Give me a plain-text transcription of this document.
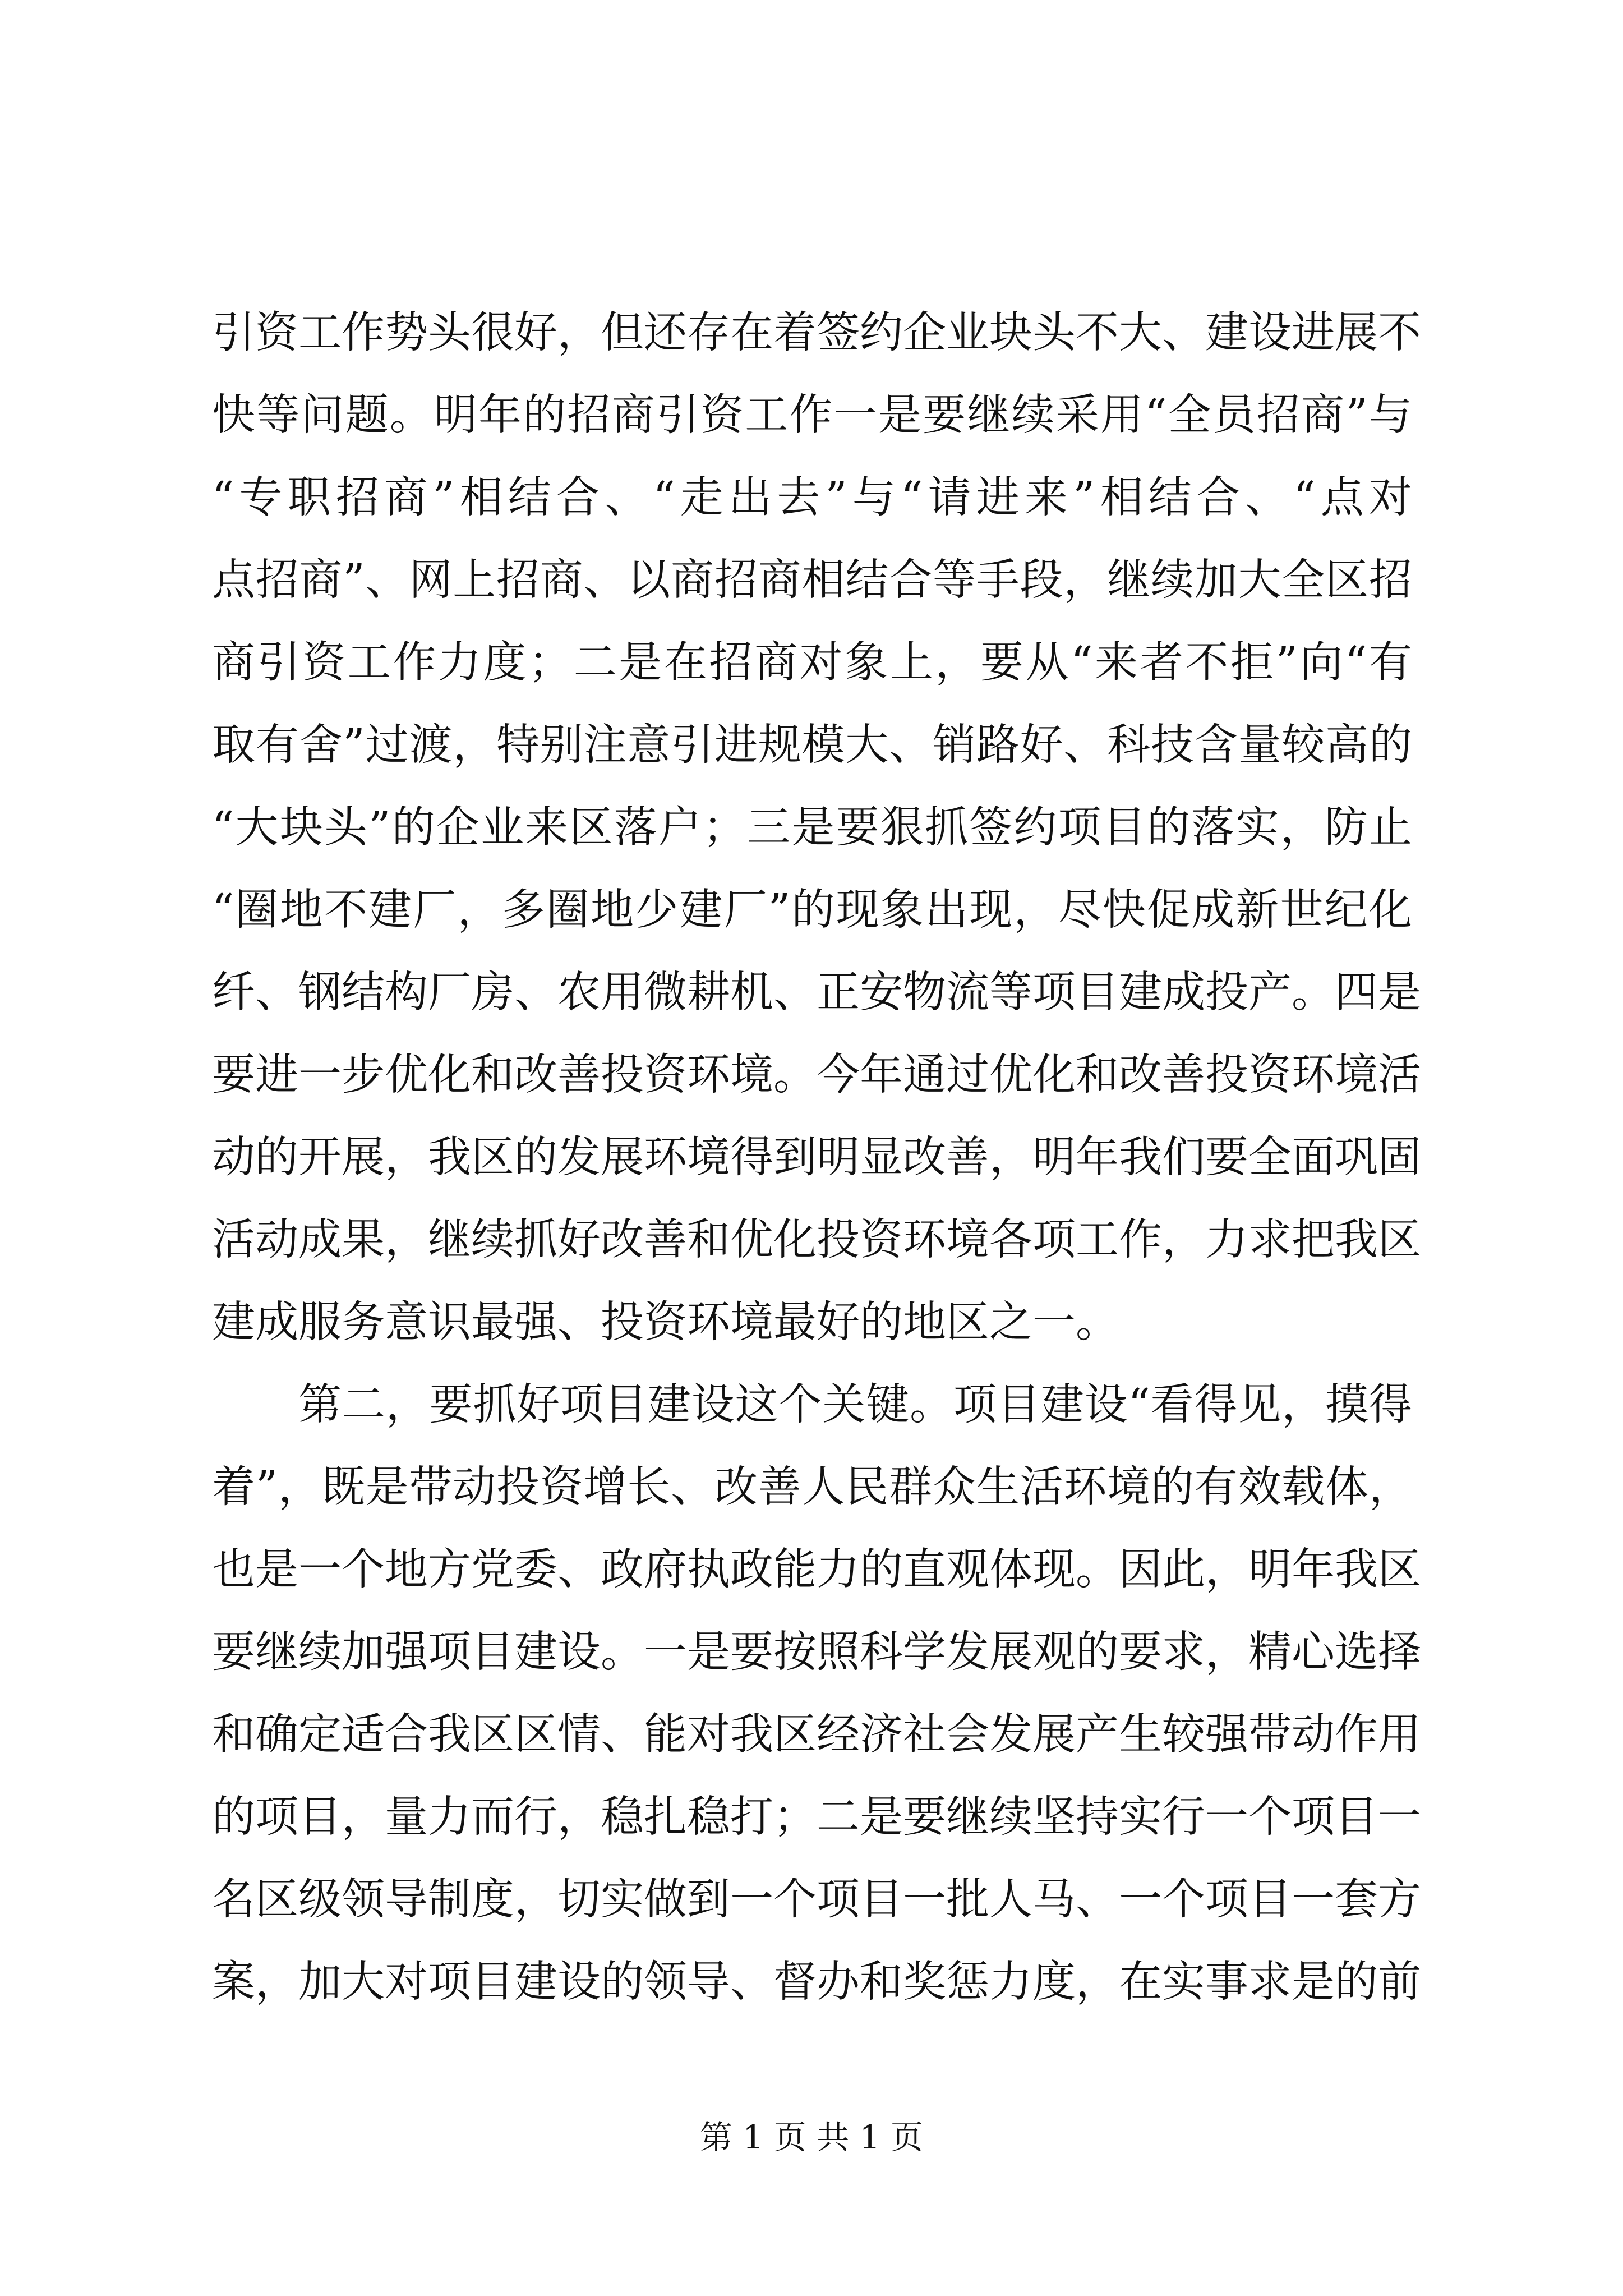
引资工作势头很好，但还存在着签约企业块头不大、建设进展不
快等问题。明年的招商引资工作一是要继续采用“全员招商”与
“专职招商”相结合、“走出去”与“请进来”相结合、“点对
点招商”、网上招商、以商招商相结合等手段，继续加大全区招
商引资工作力度；二是在招商对象上，要从“来者不拒”向“有
取有舍”过渡，特别注意引进规模大、销路好、科技含量较高的
“大块头”的企业来区落户；三是要狠抓签约项目的落实，防止
“圈地不建厂，多圈地少建厂”的现象出现，尽快促成新世纪化
纤、钢结构厂房、农用微耕机、正安物流等项目建成投产。四是
要进一步优化和改善投资环境。今年通过优化和改善投资环境活
动的开展，我区的发展环境得到明显改善，明年我们要全面巩固
活动成果，继续抓好改善和优化投资环境各项工作，力求把我区
建成服务意识最强、投资环境最好的地区之一。
第二，要抓好项目建设这个关键。项目建设“看得见，摸得
着”，既是带动投资增长、改善人民群众生活环境的有效载体，
也是一个地方党委、政府执政能力的直观体现。因此，明年我区
要继续加强项目建设。一是要按照科学发展观的要求，精心选择
和确定适合我区区情、能对我区经济社会发展产生较强带动作用
的项目，量力而行，稳扎稳打；二是要继续坚持实行一个项目一
名区级领导制度，切实做到一个项目一批人马、一个项目一套方
案，加大对项目建设的领导、督办和奖惩力度，在实事求是的前
第 1 页 共 1 页
